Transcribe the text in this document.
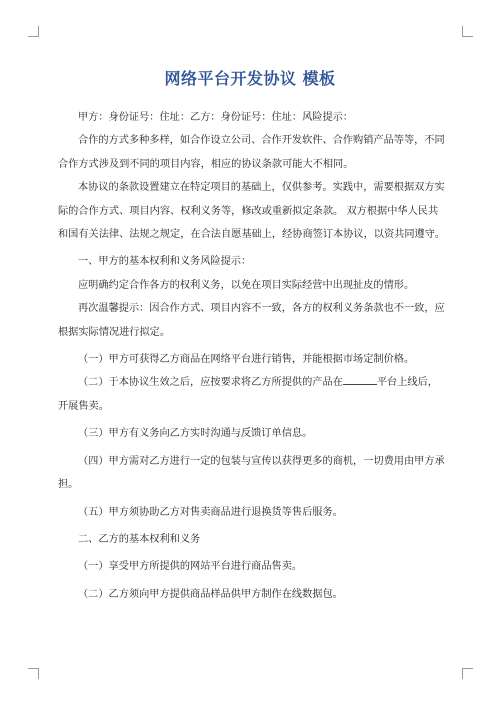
网络平台开发协议 模板

甲方：身份证号：住址：乙方：身份证号：住址：风险提示：

合作的方式多种多样，如合作设立公司、合作开发软件、合作购销产品等等，不同合作方式涉及到不同的项目内容，相应的协议条款可能大不相同。

本协议的条款设置建立在特定项目的基础上，仅供参考。实践中，需要根据双方实际的合作方式、项目内容、权利义务等，修改或重新拟定条款。 双方根据中华人民共和国有关法律、法规之规定，在合法自愿基础上，经协商签订本协议，以资共同遵守。

一、甲方的基本权利和义务风险提示：

应明确约定合作各方的权利义务，以免在项目实际经营中出现扯皮的情形。

再次温馨提示：因合作方式、项目内容不一致，各方的权利义务条款也不一致，应根据实际情况进行拟定。

（一）甲方可获得乙方商品在网络平台进行销售，并能根据市场定制价格。

（二）于本协议生效之后，应按要求将乙方所提供的产品在	平台上线后，开展售卖。

（三）甲方有义务向乙方实时沟通与反馈订单信息。

（四）甲方需对乙方进行一定的包装与宣传以获得更多的商机，一切费用由甲方承担。

（五）甲方须协助乙方对售卖商品进行退换货等售后服务。

二、乙方的基本权利和义务

（一）享受甲方所提供的网站平台进行商品售卖。

（二）乙方须向甲方提供商品样品供甲方制作在线数据包。
